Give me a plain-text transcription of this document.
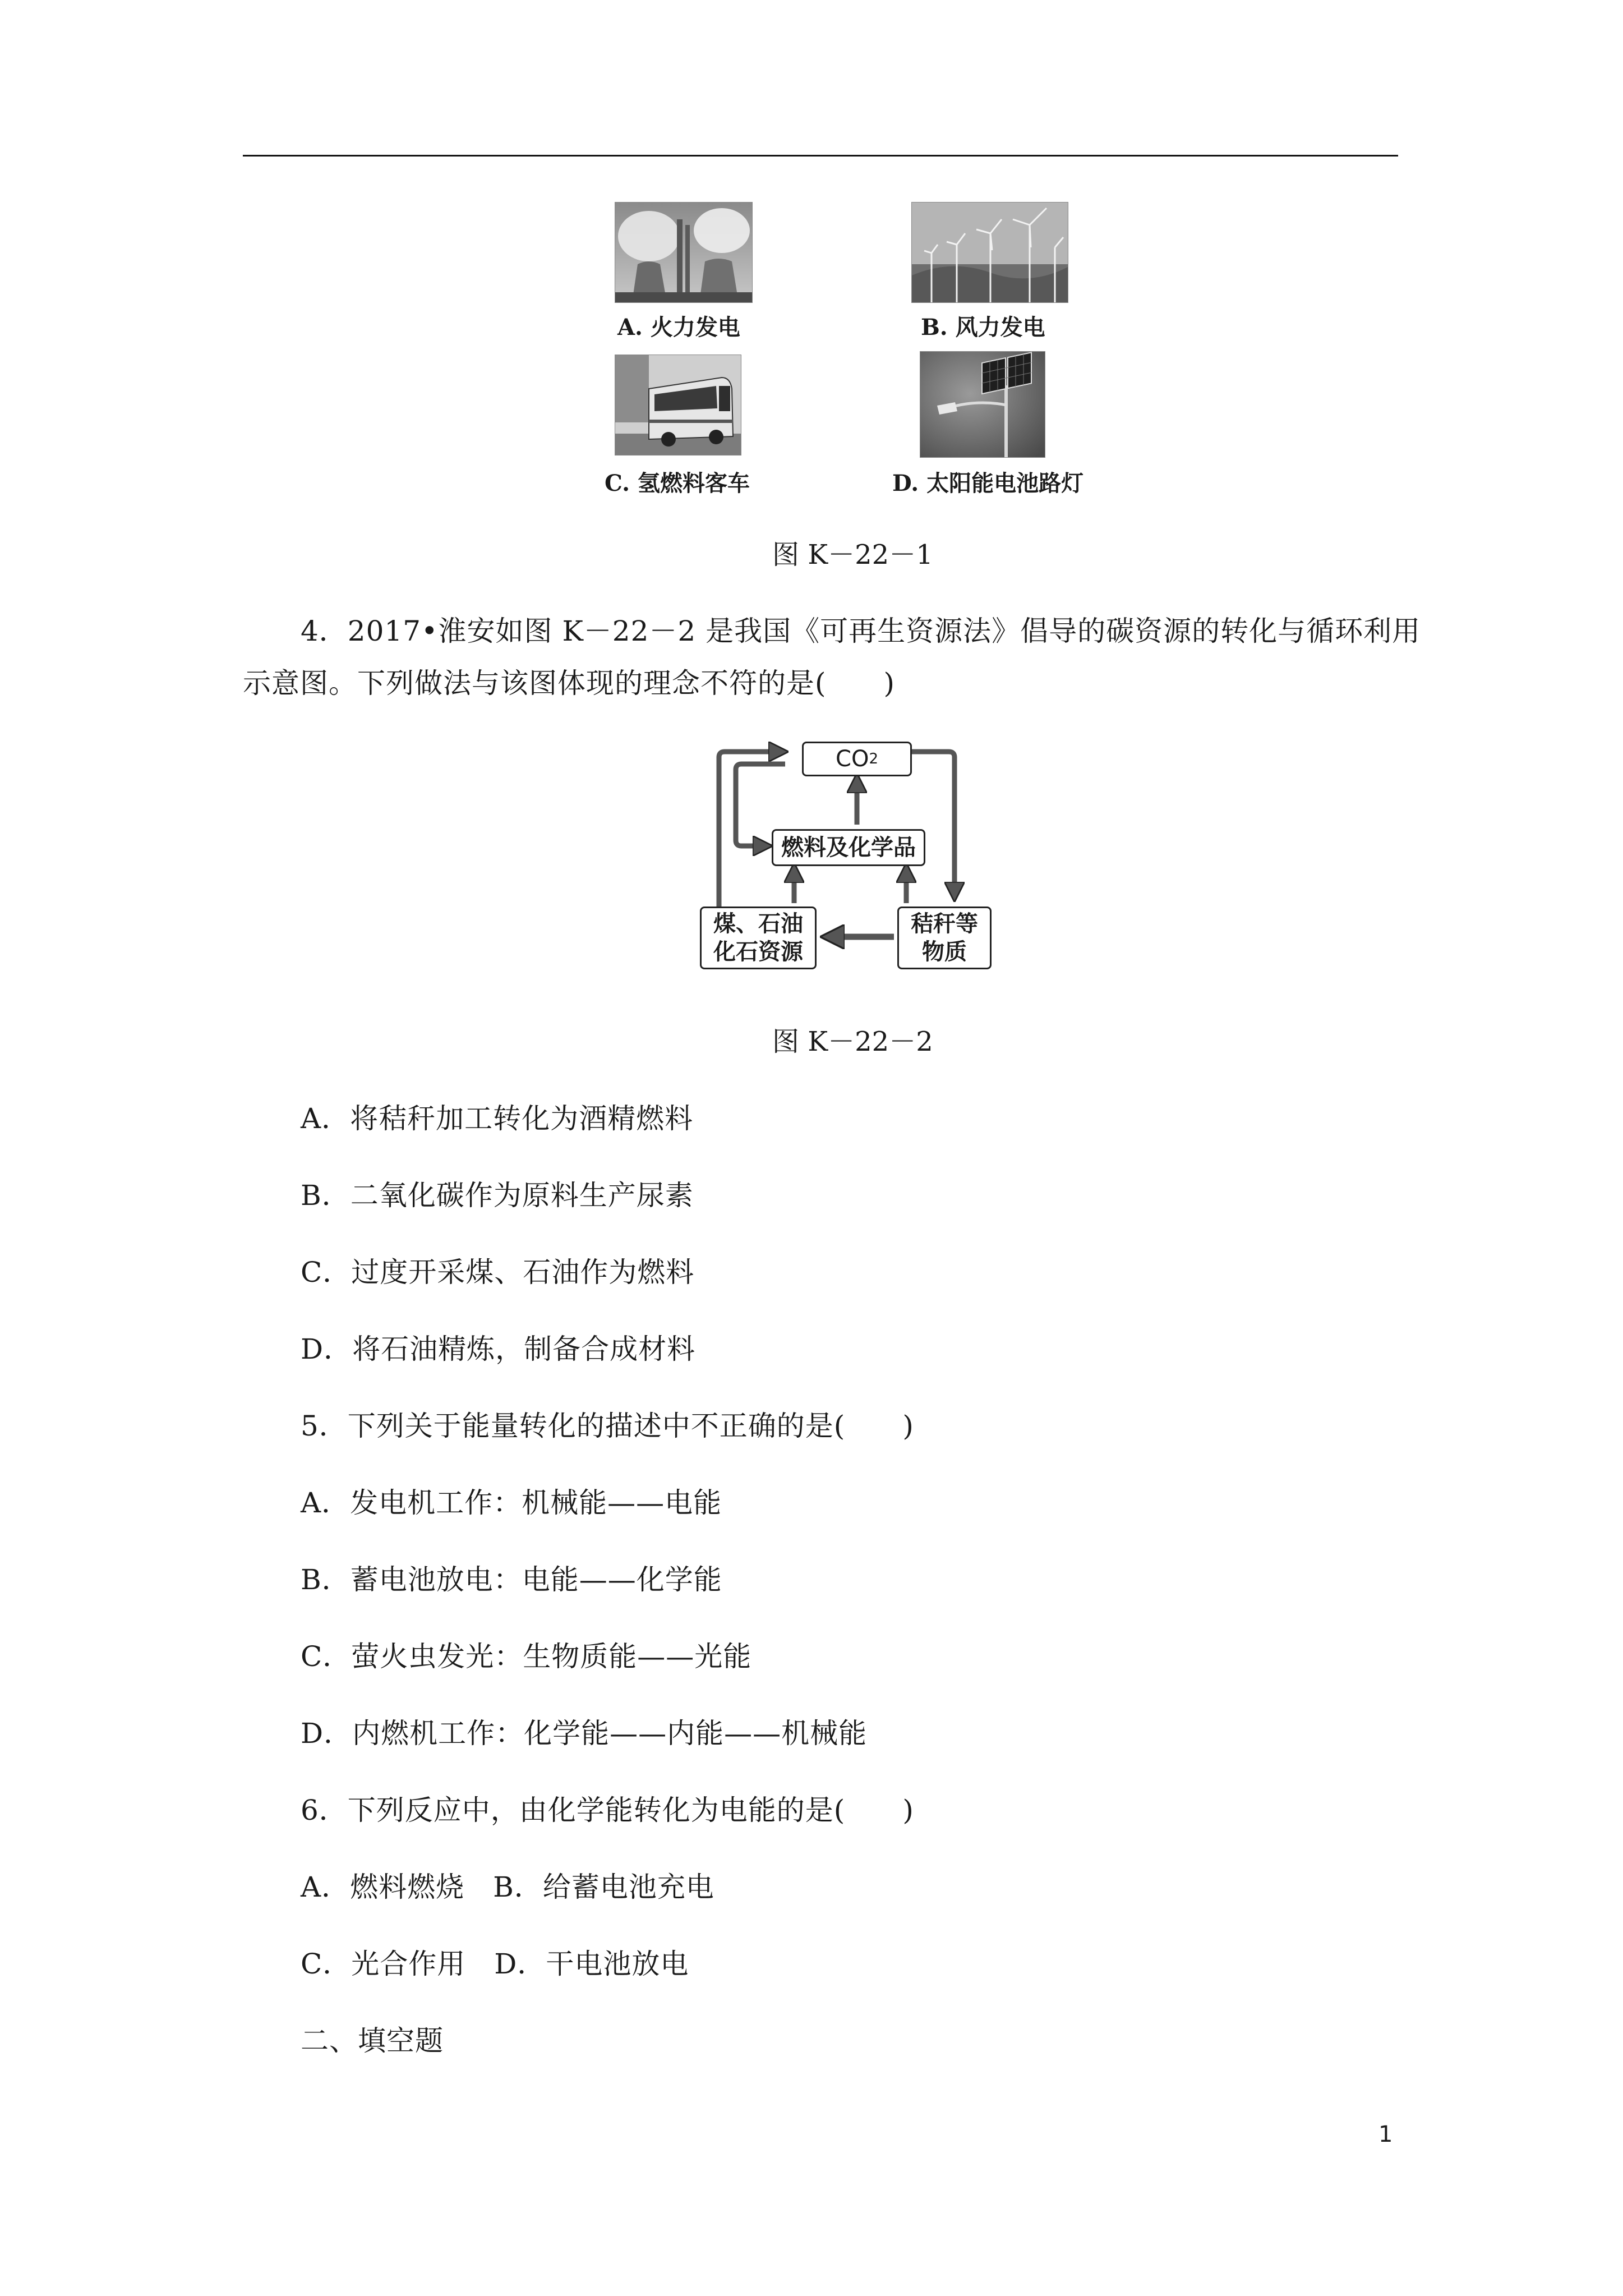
A. 火力发电	B. 风力发电
C. 氢燃料客车	D. 太阳能电池路灯
图 K－22－1
4．2017•淮安如图 K－22－2 是我国《可再生资源法》倡导的碳资源的转化与循环利用
示意图。下列做法与该图体现的理念不符的是(　　)
CO 2
燃料及化学品
煤、石油
化石资源
秸秆等
物质
图 K－22－2
A．将秸秆加工转化为酒精燃料
B．二氧化碳作为原料生产尿素
C．过度开采煤、石油作为燃料
D．将石油精炼，制备合成材料
5．下列关于能量转化的描述中不正确的是(　　)
A．发电机工作：机械能——电能
B．蓄电池放电：电能——化学能
C．萤火虫发光：生物质能——光能
D．内燃机工作：化学能——内能——机械能
6．下列反应中，由化学能转化为电能的是(　　)
A．燃料燃烧　B．给蓄电池充电
C．光合作用　D．干电池放电
二、填空题
1
